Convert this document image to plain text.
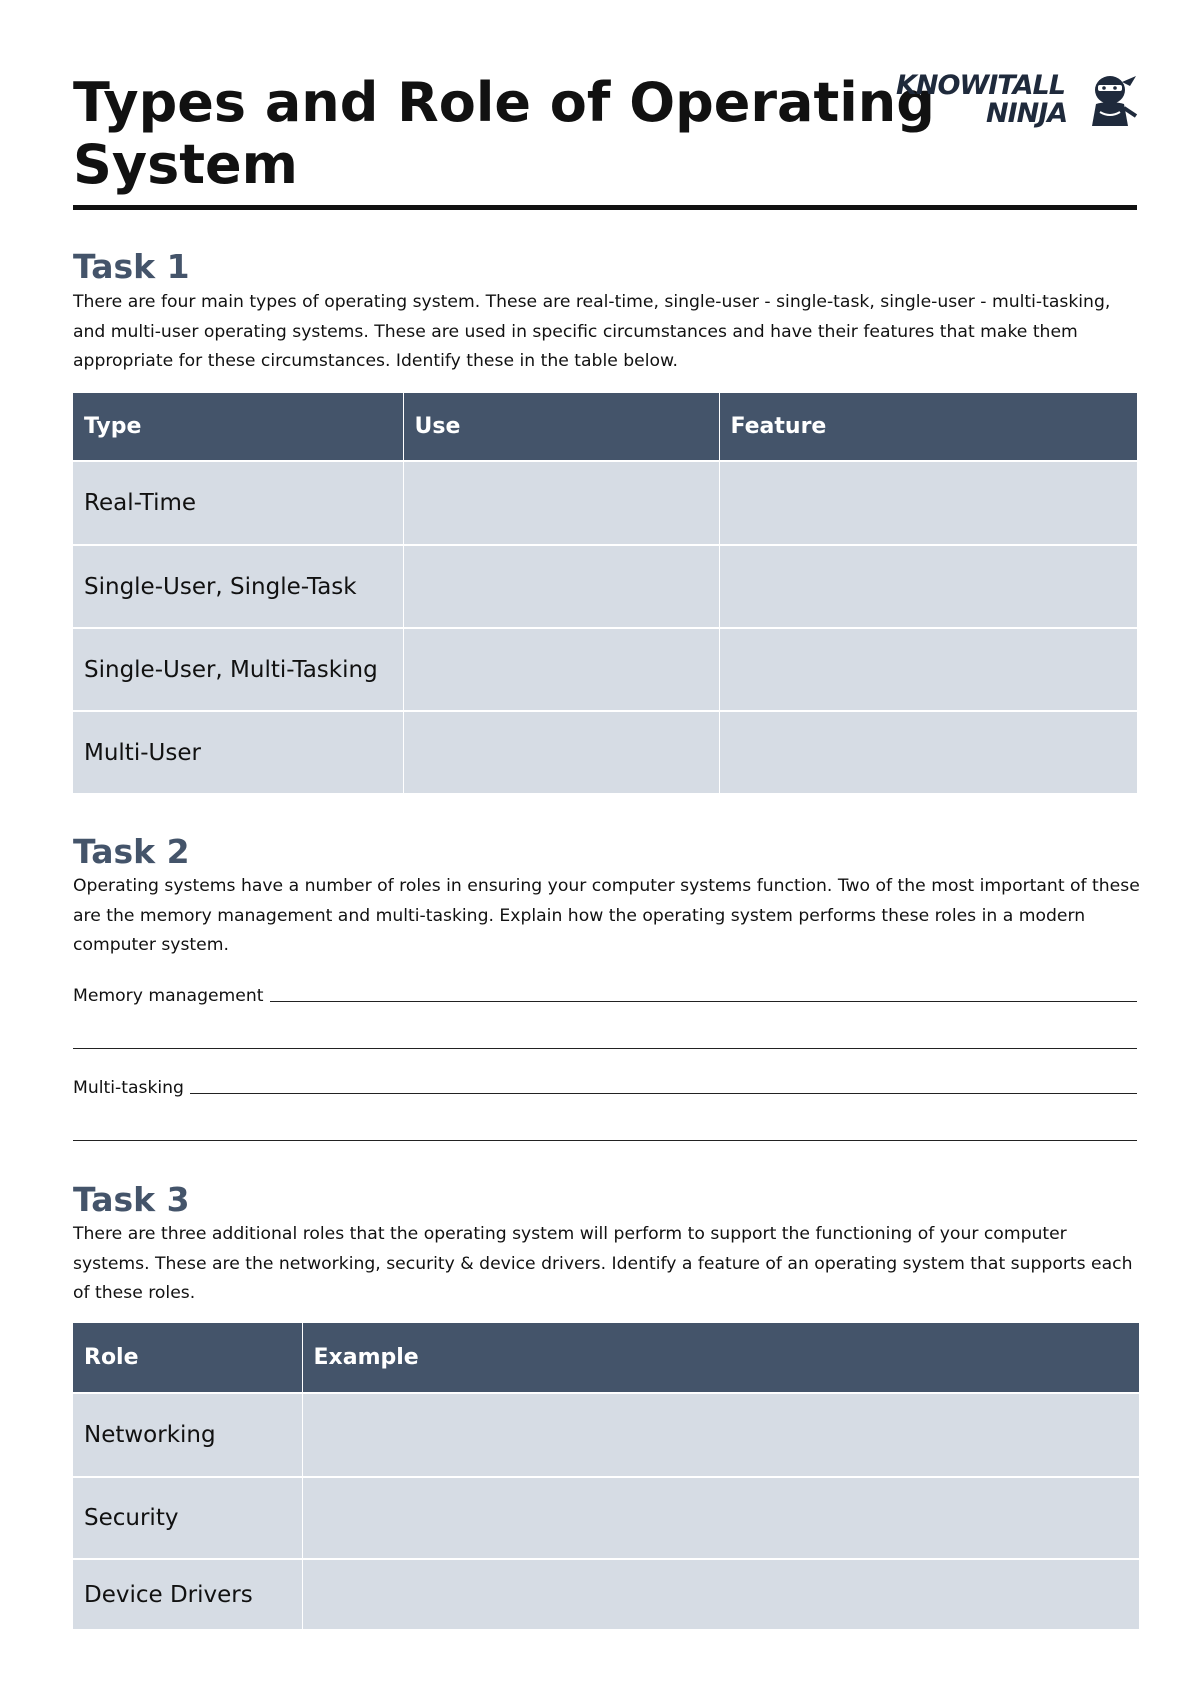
Types and Role of Operating System
KNOWITALL
NINJA
Task 1
There are four main types of operating system. These are real-time, single-user - single-task, single-user - multi-tasking, and multi-user operating systems. These are used in specific circumstances and have their features that make them appropriate for these circumstances. Identify these in the table below.
Type	Use	Feature
Real-Time		
Single-User, Single-Task		
Single-User, Multi-Tasking		
Multi-User		
Task 2
Operating systems have a number of roles in ensuring your computer systems function. Two of the most important of these are the memory management and multi-tasking. Explain how the operating system performs these roles in a modern computer system.
Memory management
Multi-tasking
Task 3
There are three additional roles that the operating system will perform to support the functioning of your computer systems. These are the networking, security & device drivers. Identify a feature of an operating system that supports each of these roles.
Role	Example
Networking	
Security	
Device Drivers	
